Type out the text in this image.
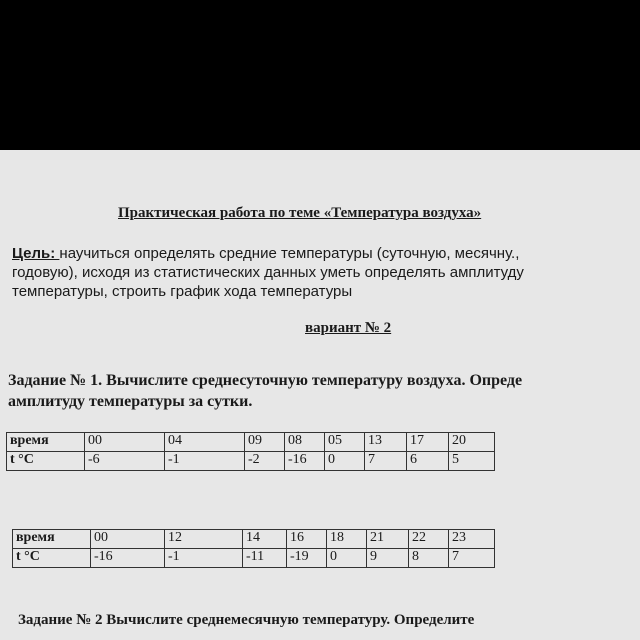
Практическая работа по теме «Температура воздуха»
Цель: научиться определять средние температуры (суточную, месячну.,
годовую), исходя из статистических данных уметь определять амплитуду
температуры, строить график хода температуры
вариант № 2
Задание № 1. Вычислите среднесуточную температуру воздуха. Опреде
амплитуду температуры за сутки.
время	00	04	09	08	05	13	17	20
t °C	-6	-1	-2	-16	0	7	6	5
время	00	12	14	16	18	21	22	23
t °C	-16	-1	-11	-19	0	9	8	7
Задание № 2 Вычислите среднемесячную температуру. Определите
